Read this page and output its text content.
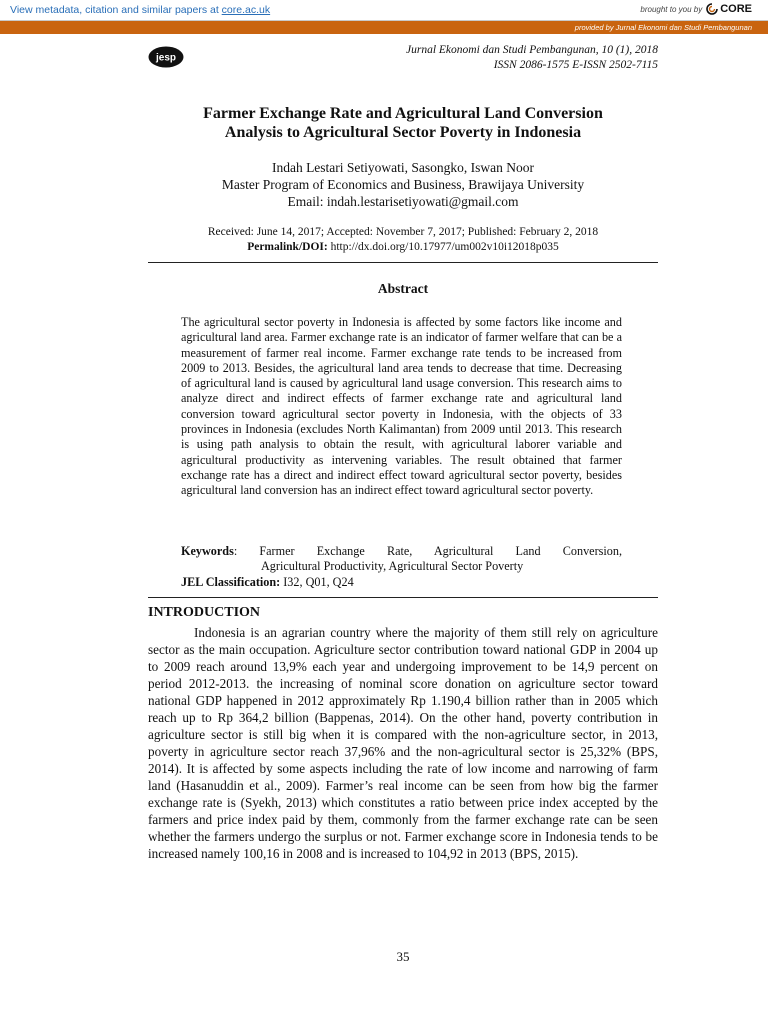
View metadata, citation and similar papers at core.ac.uk	brought to you by CORE
provided by Jurnal Ekonomi dan Studi Pembangunan
jesp
Jurnal Ekonomi dan Studi Pembangunan, 10 (1), 2018
ISSN 2086-1575 E-ISSN 2502-7115
Farmer Exchange Rate and Agricultural Land Conversion
Analysis to Agricultural Sector Poverty in Indonesia
Indah Lestari Setiyowati, Sasongko, Iswan Noor
Master Program of Economics and Business, Brawijaya University
Email: indah.lestarisetiyowati@gmail.com
Received: June 14, 2017; Accepted: November 7, 2017; Published: February 2, 2018
Permalink/DOI: http://dx.doi.org/10.17977/um002v10i12018p035
Abstract
The agricultural sector poverty in Indonesia is affected by some factors like income and agricultural land area. Farmer exchange rate is an indicator of farmer welfare that can be a measurement of farmer real income. Farmer exchange rate tends to be increased from 2009 to 2013. Besides, the agricultural land area tends to decrease that time. Decreasing of agricultural land is caused by agricultural land usage conversion. This research aims to analyze direct and indirect effects of farmer exchange rate and agricultural land conversion toward agricultural sector poverty in Indonesia, with the objects of 33 provinces in Indonesia (excludes North Kalimantan) from 2009 until 2013. This research is using path analysis to obtain the result, with agricultural laborer variable and agricultural productivity as intervening variables. The result obtained that farmer exchange rate has a direct and indirect effect toward agricultural sector poverty, besides agricultural land conversion has an indirect effect toward agricultural sector poverty.
Keywords: Farmer Exchange Rate, Agricultural Land Conversion,
Agricultural Productivity, Agricultural Sector Poverty
JEL Classification: I32, Q01, Q24
INTRODUCTION
Indonesia is an agrarian country where the majority of them still rely on agriculture sector as the main occupation. Agriculture sector contribution toward national GDP in 2004 up to 2009 reach around 13,9% each year and undergoing improvement to be 14,9 percent on period 2012-2013. the increasing of nominal score donation on agriculture sector toward national GDP happened in 2012 approximately Rp 1.190,4 billion rather than in 2005 which reach up to Rp 364,2 billion (Bappenas, 2014). On the other hand, poverty contribution in agriculture sector is still big when it is compared with the non-agriculture sector, in 2013, poverty in agriculture sector reach 37,96% and the non-agricultural sector is 25,32% (BPS, 2014). It is affected by some aspects including the rate of low income and narrowing of farm land (Hasanuddin et al., 2009). Farmer’s real income can be seen from how big the farmer exchange rate is (Syekh, 2013) which constitutes a ratio between price index accepted by the farmers and price index paid by them, commonly from the farmer exchange rate can be seen whether the farmers undergo the surplus or not. Farmer exchange score in Indonesia tends to be increased namely 100,16 in 2008 and is increased to 104,92 in 2013 (BPS, 2015).
35
